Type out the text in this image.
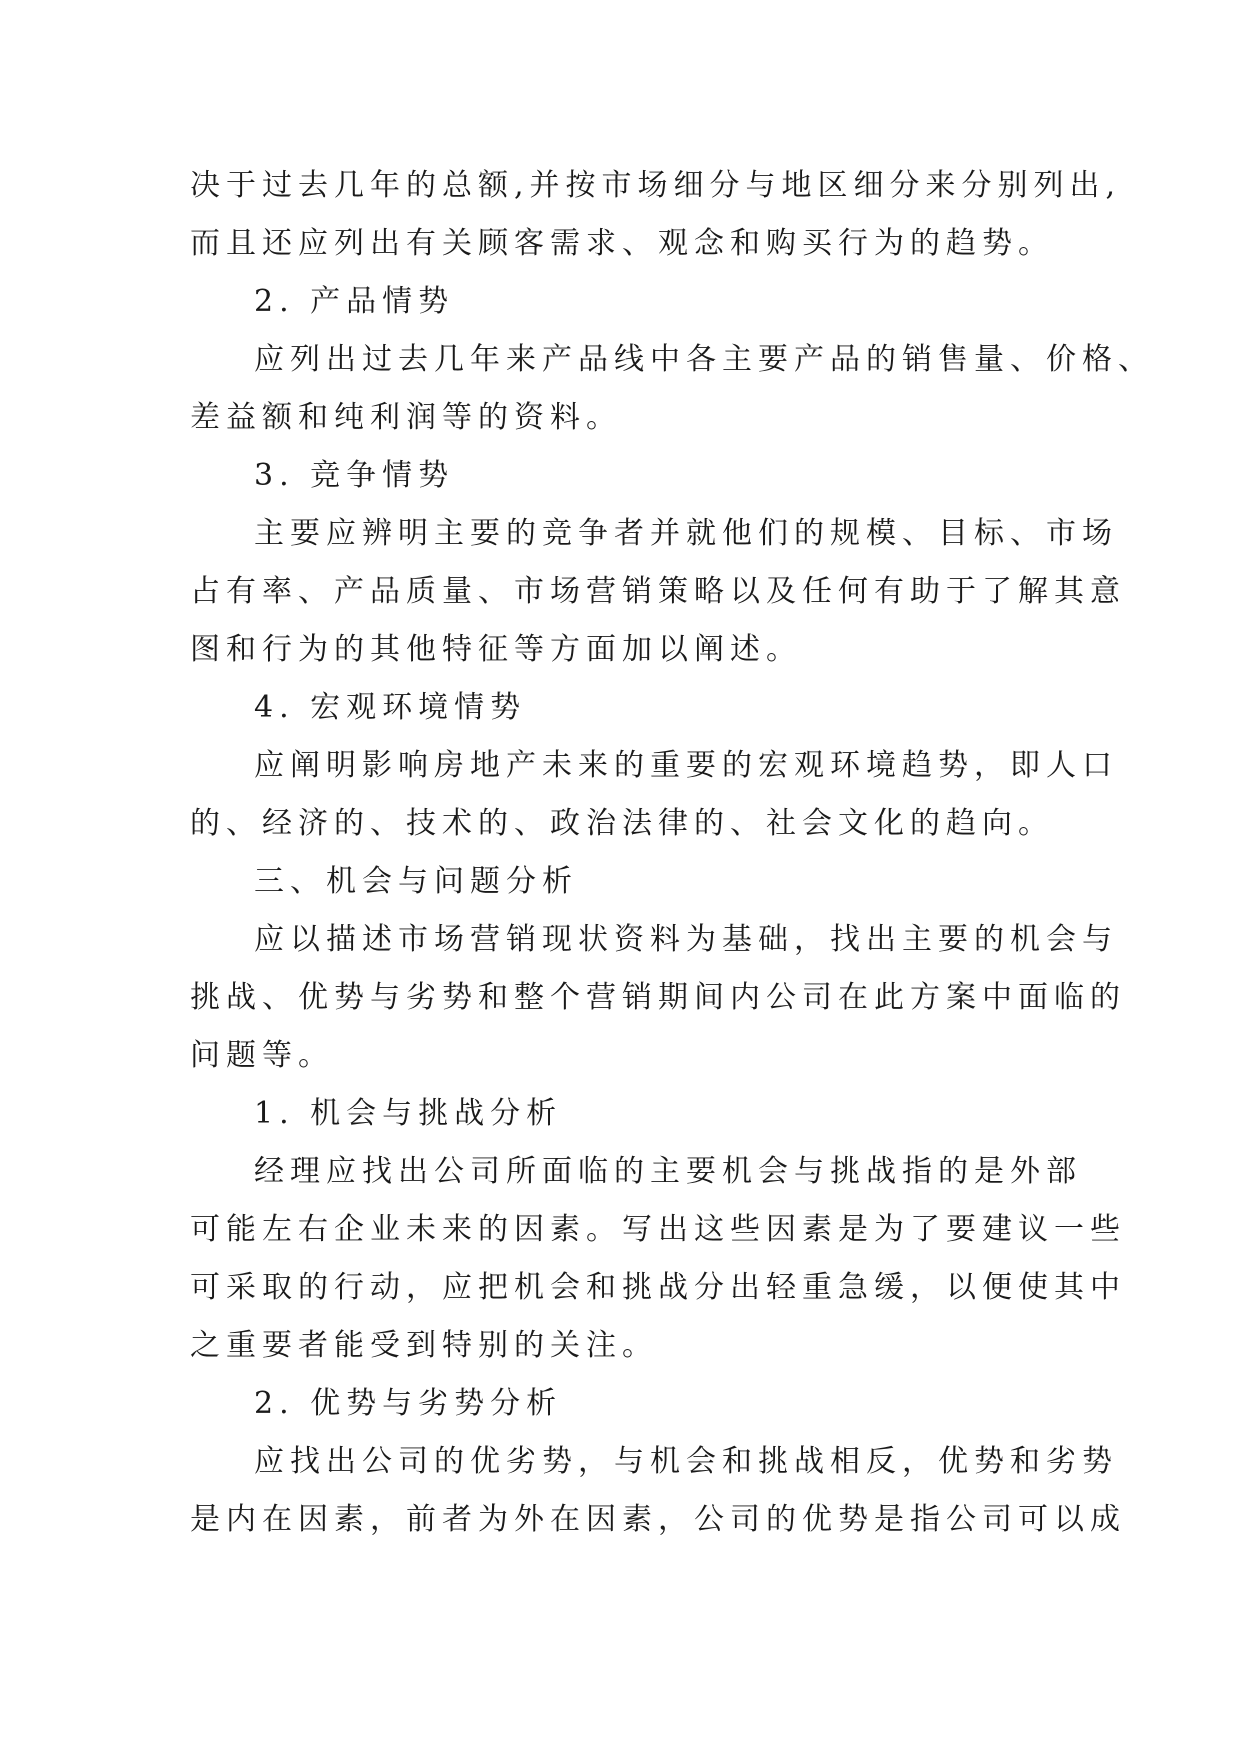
决于过去几年的总额,并按市场细分与地区细分来分别列出,

而且还应列出有关顾客需求、观念和购买行为的趋势。

2. 产品情势

应列出过去几年来产品线中各主要产品的销售量、价格、

差益额和纯利润等的资料。

3. 竞争情势

主要应辨明主要的竞争者并就他们的规模、目标、市场

占有率、产品质量、市场营销策略以及任何有助于了解其意

图和行为的其他特征等方面加以阐述。

4. 宏观环境情势

应阐明影响房地产未来的重要的宏观环境趋势，即人口

的、经济的、技术的、政治法律的、社会文化的趋向。

三、机会与问题分析

应以描述市场营销现状资料为基础，找出主要的机会与

挑战、优势与劣势和整个营销期间内公司在此方案中面临的

问题等。

1. 机会与挑战分析

经理应找出公司所面临的主要机会与挑战指的是外部

可能左右企业未来的因素。写出这些因素是为了要建议一些

可采取的行动，应把机会和挑战分出轻重急缓，以便使其中

之重要者能受到特别的关注。

2. 优势与劣势分析

应找出公司的优劣势，与机会和挑战相反，优势和劣势

是内在因素，前者为外在因素，公司的优势是指公司可以成
